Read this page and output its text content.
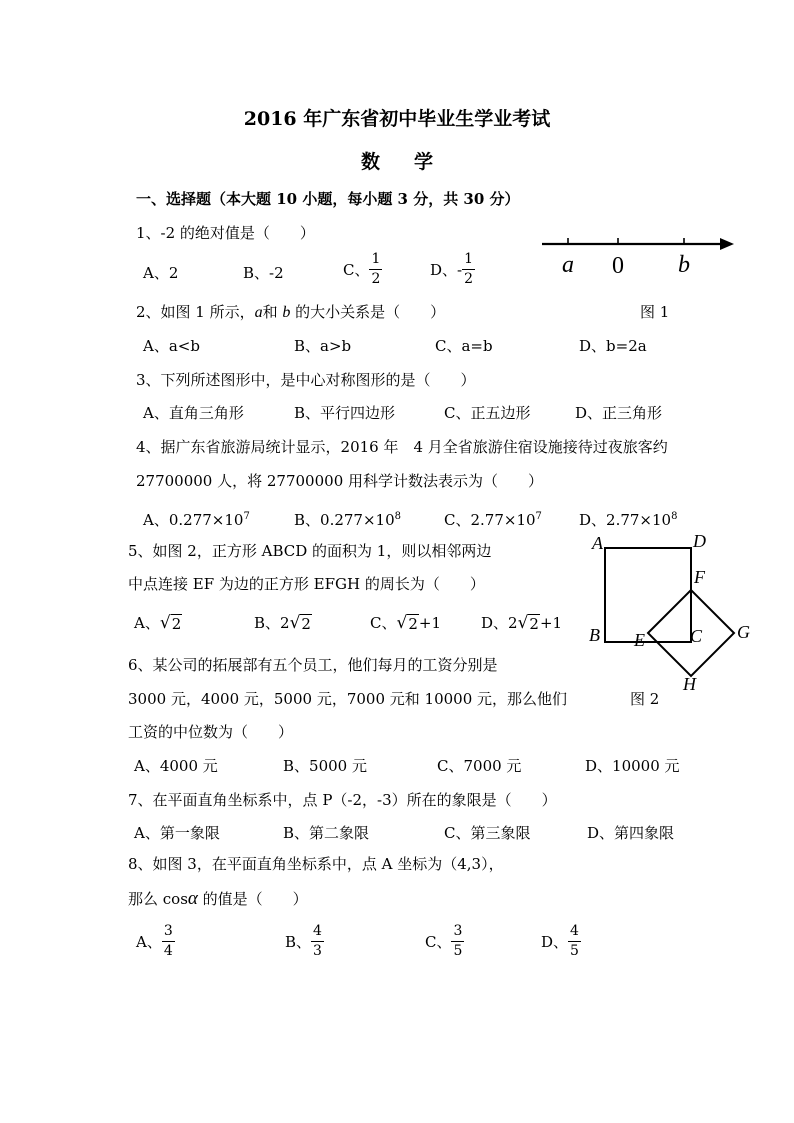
2016 年广东省初中毕业生学业考试
数学
一、选择题（本大题 10 小题，每小题 3 分，共 30 分）
1、-2 的绝对值是（　　）
A、2	B、-2	C、 $\frac{1}{2}$	D、- $\frac{1}{2}$	a 0 b
图 1
2、如图 1 所示，a和 b 的大小关系是（　　）
A、a<b	B、a>b	C、a=b	D、b=2a
3、下列所述图形中，是中心对称图形的是（　　）
A、直角三角形	B、平行四边形	C、正五边形	D、正三角形
4、据广东省旅游局统计显示，2016 年　4 月全省旅游住宿设施接待过夜旅客约
27700000 人，将 27700000 用科学计数法表示为（　　）
A、$0.277\times 10^7$	B、$0.277\times 10^8$	C、$2.77\times 10^7$ D、$2.77\times 10^8$
5、如图 2，正方形 ABCD 的面积为 1，则以相邻两边
中点连接 EF 为边的正方形 EFGH 的周长为（　　）
A、 √ 2	B、2 √ 2	C、 √ 2 +1	D、2 √ 2 +1
A	D
F
B E	C G
H
图 2
6、某公司的拓展部有五个员工，他们每月的工资分别是
3000 元，4000 元，5000 元，7000 元和 10000 元，那么他们
工资的中位数为（　　）
A、4000 元	B、5000 元	C、7000 元	D、10000 元
7、在平面直角坐标系中，点 P（-2，-3）所在的象限是（　　）
A、第一象限	B、第二象限	C、第三象限	D、第四象限
8、如图 3，在平面直角坐标系中，点 A 坐标为（4,3），
那么 cosα 的值是（　　）
A、 $\frac{3}{4}$	B、 $\frac{4}{3}$	C、 $\frac{3}{5}$	D、 $\frac{4}{5}$
